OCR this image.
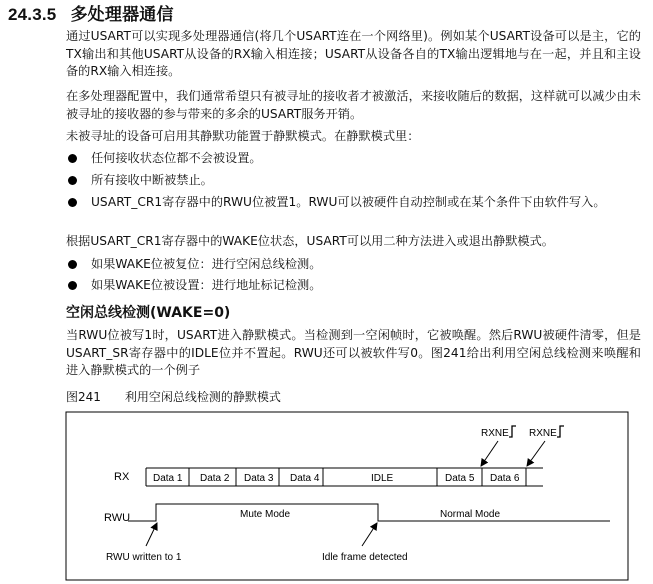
24.3.5 多处理器通信

通过USART可以实现多处理器通信(将几个USART连在一个网络里)。例如某个USART设备可以是主，它的TX输出和其他USART从设备的RX输入相连接；USART从设备各自的TX输出逻辑地与在一起，并且和主设备的RX输入相连接。

在多处理器配置中，我们通常希望只有被寻址的接收者才被激活，来接收随后的数据，这样就可以减少由未被寻址的接收器的参与带来的多余的USART服务开销。

未被寻址的设备可启用其静默功能置于静默模式。在静默模式里：

任何接收状态位都不会被设置。
所有接收中断被禁止。
USART_CR1寄存器中的RWU位被置1。RWU可以被硬件自动控制或在某个条件下由软件写入。

根据USART_CR1寄存器中的WAKE位状态，USART可以用二种方法进入或退出静默模式。

如果WAKE位被复位：进行空闲总线检测。
如果WAKE位被设置：进行地址标记检测。
空闲总线检测(WAKE=0)

当RWU位被写1时，USART进入静默模式。当检测到一空闲帧时，它被唤醒。然后RWU被硬件清零，但是USART_SR寄存器中的IDLE位并不置起。RWU还可以被软件写0。图241给出利用空闲总线检测来唤醒和进入静默模式的一个例子

图241 利用空闲总线检测的静默模式
RXNE RXNE
RX Data 1 Data 2 Data 3 Data 4	IDLE	Data 5 Data 6
RWU	Mute Mode	Normal Mode
RWU written to 1	Idle frame detected
